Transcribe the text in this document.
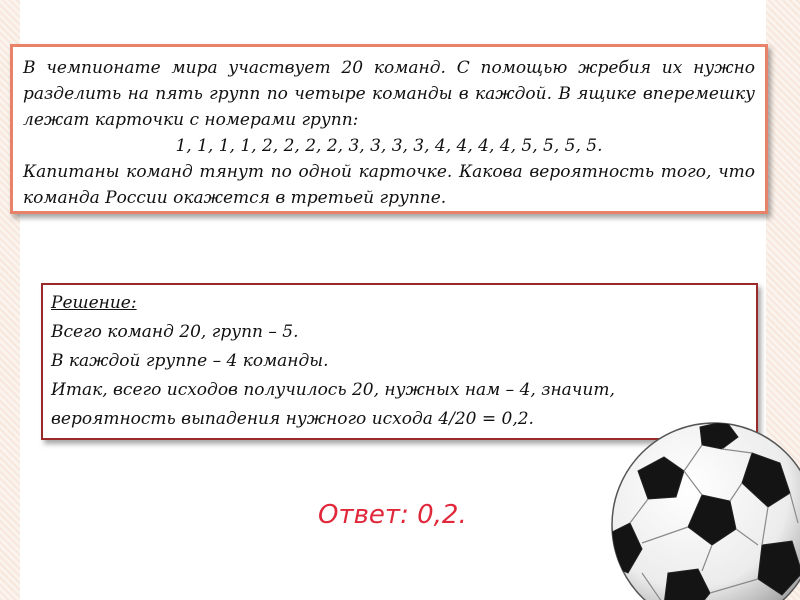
В чемпионате мира участвует 20 команд. С помощью жребия их нужно разделить на пять групп по четыре команды в каждой. В ящике вперемешку лежат карточки с номерами групп:

1, 1, 1, 1, 2, 2, 2, 2, 3, 3, 3, 3, 4, 4, 4, 4, 5, 5, 5, 5.

Капитаны команд тянут по одной карточке. Какова вероятность того, что команда России окажется в третьей группе.

Решение:
Всего команд 20, групп – 5.
В каждой группе – 4 команды.
Итак, всего исходов получилось 20, нужных нам – 4, значит,
вероятность выпадения нужного исхода 4/20 = 0,2.
Ответ: 0,2.
